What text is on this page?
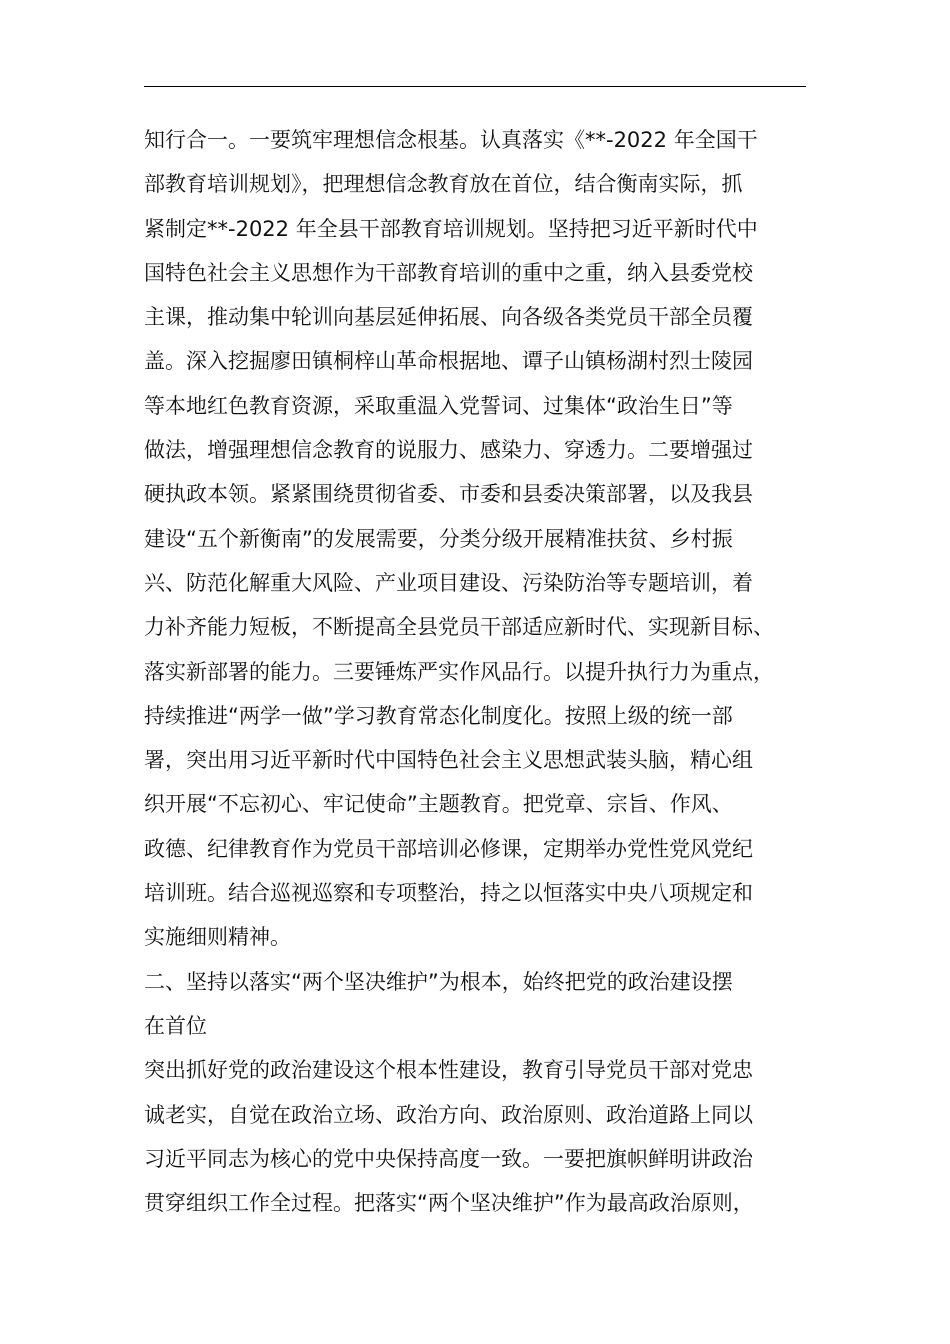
知行合一。一要筑牢理想信念根基。认真落实《**-2022 年全国干
部教育培训规划》，把理想信念教育放在首位，结合衡南实际，抓
紧制定**-2022 年全县干部教育培训规划。坚持把习近平新时代中
国特色社会主义思想作为干部教育培训的重中之重，纳入县委党校
主课，推动集中轮训向基层延伸拓展、向各级各类党员干部全员覆
盖。深入挖掘廖田镇桐梓山革命根据地、谭子山镇杨湖村烈士陵园
等本地红色教育资源，采取重温入党誓词、过集体“政治生日”等
做法，增强理想信念教育的说服力、感染力、穿透力。二要增强过
硬执政本领。紧紧围绕贯彻省委、市委和县委决策部署，以及我县
建设“五个新衡南”的发展需要，分类分级开展精准扶贫、乡村振
兴、防范化解重大风险、产业项目建设、污染防治等专题培训，着
力补齐能力短板，不断提高全县党员干部适应新时代、实现新目标、
落实新部署的能力。三要锤炼严实作风品行。以提升执行力为重点，
持续推进“两学一做”学习教育常态化制度化。按照上级的统一部
署，突出用习近平新时代中国特色社会主义思想武装头脑，精心组
织开展“不忘初心、牢记使命”主题教育。把党章、宗旨、作风、
政德、纪律教育作为党员干部培训必修课，定期举办党性党风党纪
培训班。结合巡视巡察和专项整治，持之以恒落实中央八项规定和
实施细则精神。
二、坚持以落实“两个坚决维护”为根本，始终把党的政治建设摆
在首位
突出抓好党的政治建设这个根本性建设，教育引导党员干部对党忠
诚老实，自觉在政治立场、政治方向、政治原则、政治道路上同以
习近平同志为核心的党中央保持高度一致。一要把旗帜鲜明讲政治
贯穿组织工作全过程。把落实“两个坚决维护”作为最高政治原则，
